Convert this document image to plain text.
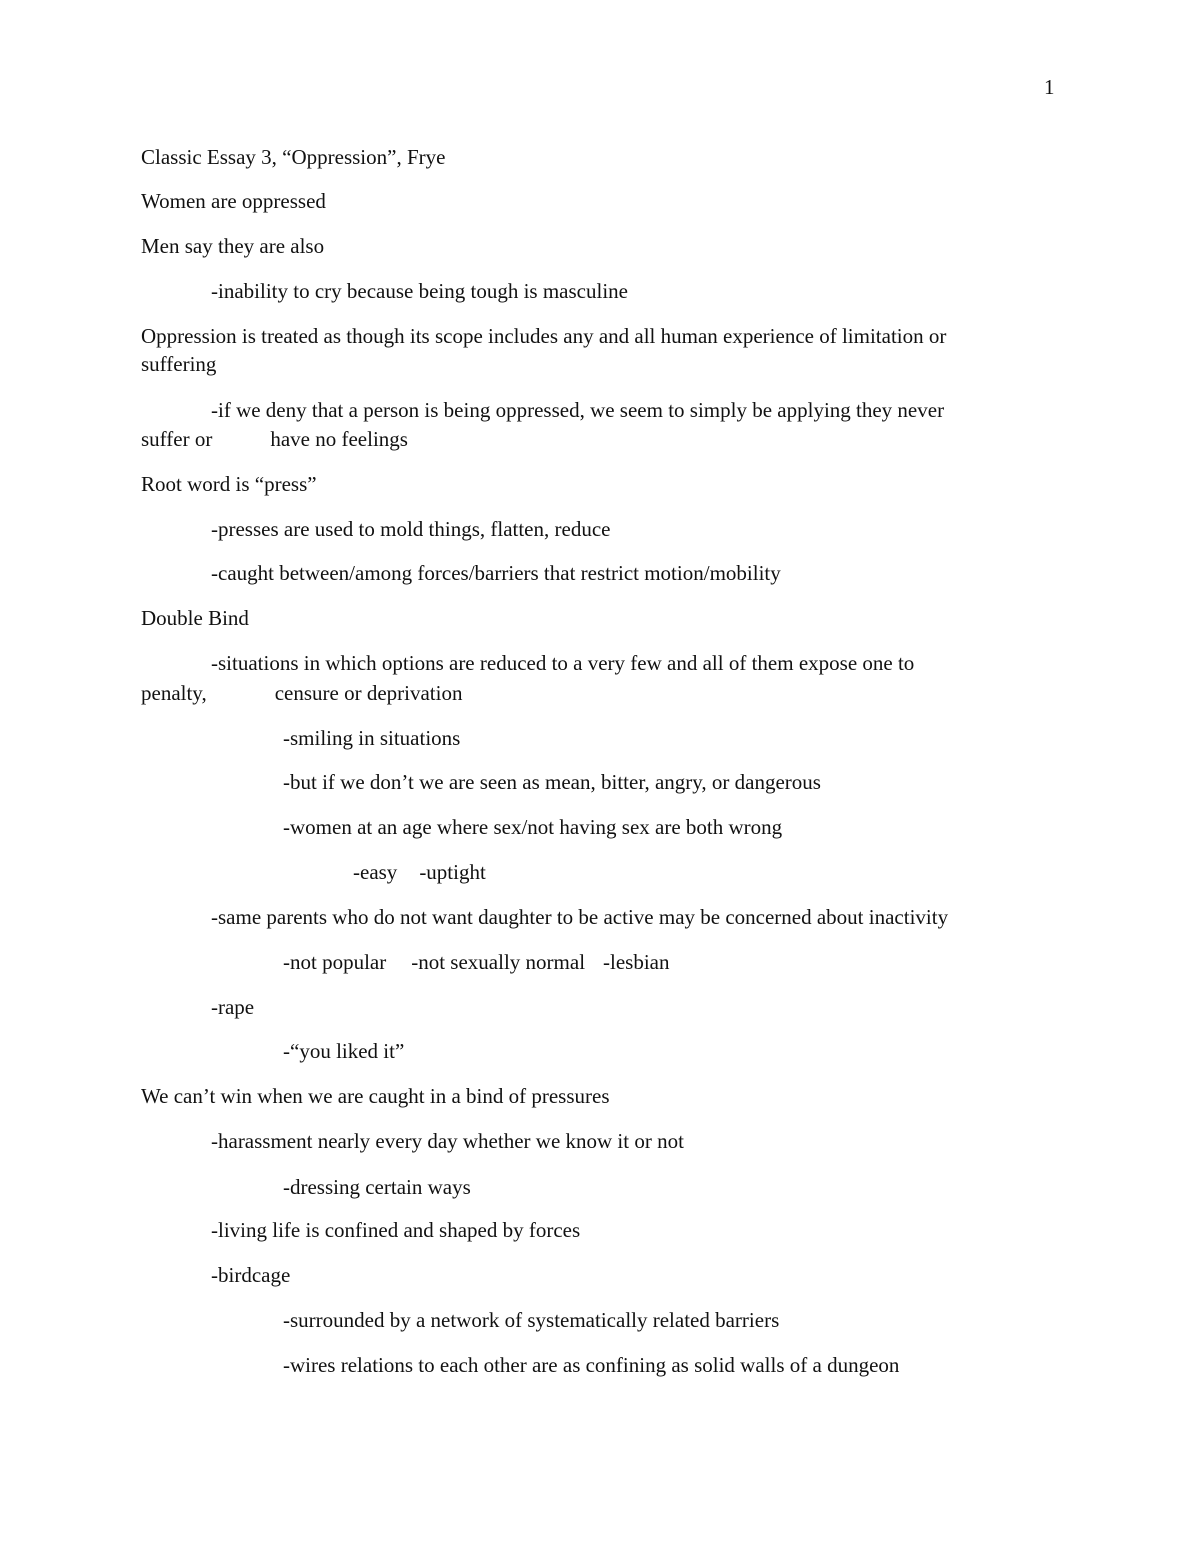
1
Classic Essay 3, “Oppression”, Frye
Women are oppressed
Men say they are also
-inability to cry because being tough is masculine
Oppression is treated as though its scope includes any and all human experience of limitation or
suffering
-if we deny that a person is being oppressed, we seem to simply be applying they never
suffer or	have no feelings
Root word is “press”
-presses are used to mold things, flatten, reduce
-caught between/among forces/barriers that restrict motion/mobility
Double Bind
-situations in which options are reduced to a very few and all of them expose one to
penalty,	censure or deprivation
-smiling in situations
-but if we don’t we are seen as mean, bitter, angry, or dangerous
-women at an age where sex/not having sex are both wrong
-easy -uptight
-same parents who do not want daughter to be active may be concerned about inactivity
-not popular -not sexually normal -lesbian
-rape
-“you liked it”
We can’t win when we are caught in a bind of pressures
-harassment nearly every day whether we know it or not
-dressing certain ways
-living life is confined and shaped by forces
-birdcage
-surrounded by a network of systematically related barriers
-wires relations to each other are as confining as solid walls of a dungeon
